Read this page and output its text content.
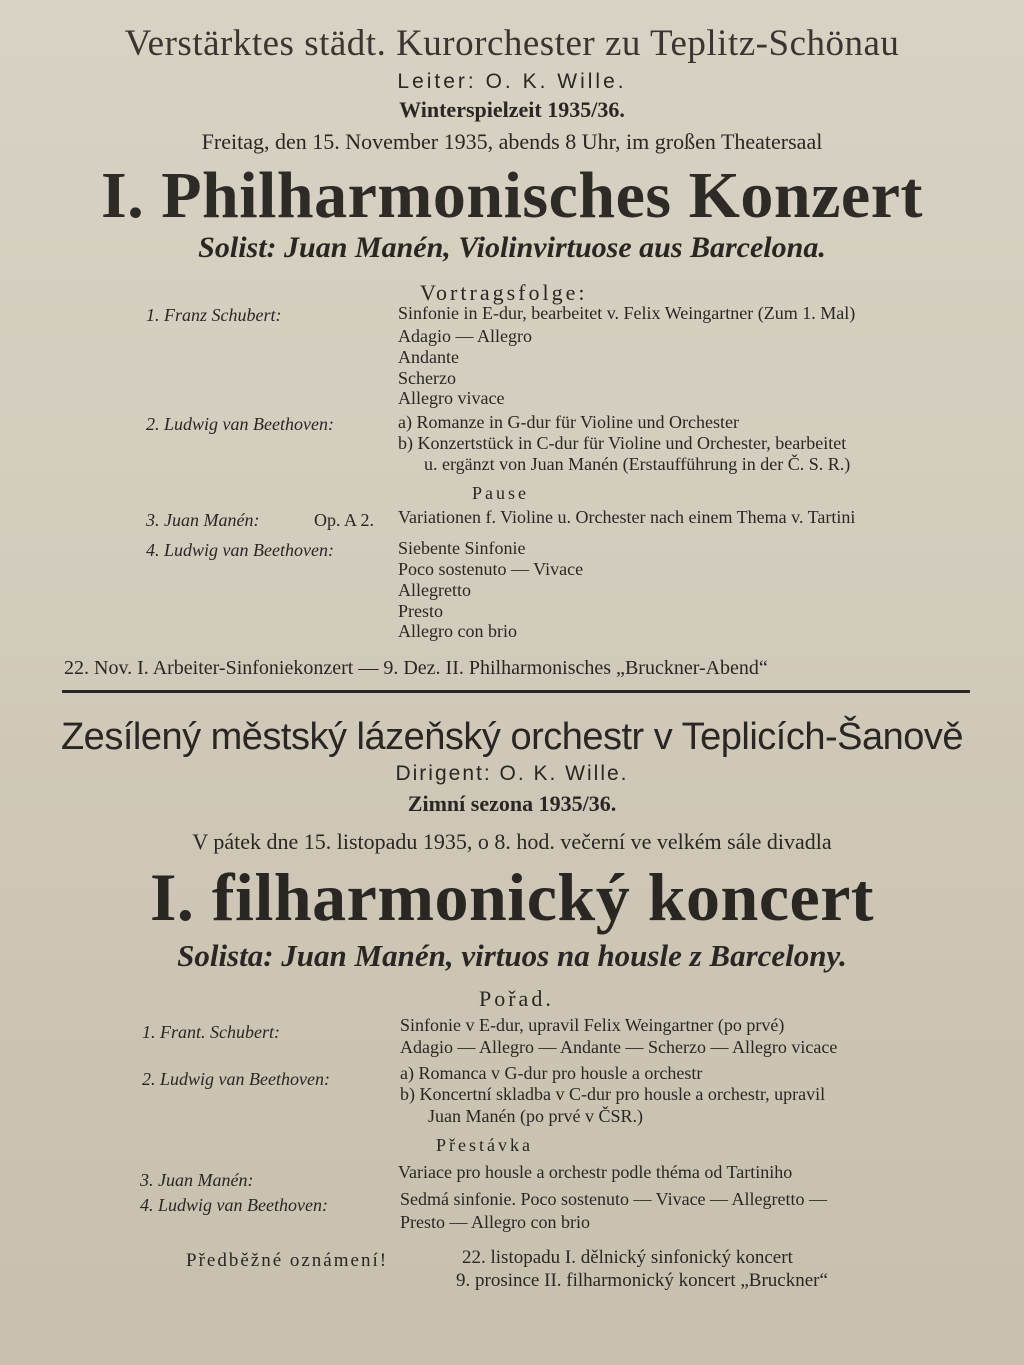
Verstärktes städt. Kurorchester zu Teplitz-Schönau
Leiter: O. K. Wille.
Winterspielzeit 1935/36.
Freitag, den 15. November 1935, abends 8 Uhr, im großen Theatersaal
I. Philharmonisches Konzert
Solist: Juan Manén, Violinvirtuose aus Barcelona.
Vortragsfolge:
1. Franz Schubert:	Sinfonie in E-dur, bearbeitet v. Felix Weingartner (Zum 1. Mal)
Adagio — Allegro
Andante
Scherzo
Allegro vivace
2. Ludwig van Beethoven:	a) Romanze in G-dur für Violine und Orchester
b) Konzertstück in C-dur für Violine und Orchester, bearbeitet
u. ergänzt von Juan Manén (Erstaufführung in der Č. S. R.)
Pause
3. Juan Manén:	Op. A 2. Variationen f. Violine u. Orchester nach einem Thema v. Tartini
4. Ludwig van Beethoven:	Siebente Sinfonie
Poco sostenuto — Vivace
Allegretto
Presto
Allegro con brio
22. Nov. I. Arbeiter-Sinfoniekonzert — 9. Dez. II. Philharmonisches „Bruckner-Abend“
Zesílený městský lázeňský orchestr v Teplicích-Šanově
Dirigent: O. K. Wille.
Zimní sezona 1935/36.
V pátek dne 15. listopadu 1935, o 8. hod. večerní ve velkém sále divadla
I. filharmonický koncert
Solista: Juan Manén, virtuos na housle z Barcelony.
Pořad.
1. Frant. Schubert:	Sinfonie v E-dur, upravil Felix Weingartner (po prvé)
Adagio — Allegro — Andante — Scherzo — Allegro vicace
2. Ludwig van Beethoven:	a) Romanca v G-dur pro housle a orchestr
b) Koncertní skladba v C-dur pro housle a orchestr, upravil
Juan Manén (po prvé v ČSR.)
Přestávka
3. Juan Manén:	Variace pro housle a orchestr podle théma od Tartiniho
4. Ludwig van Beethoven:	Sedmá sinfonie. Poco sostenuto — Vivace — Allegretto —
Presto — Allegro con brio
Předběžné oznámení!	22. listopadu I. dělnický sinfonický koncert
9. prosince II. filharmonický koncert „Bruckner“
